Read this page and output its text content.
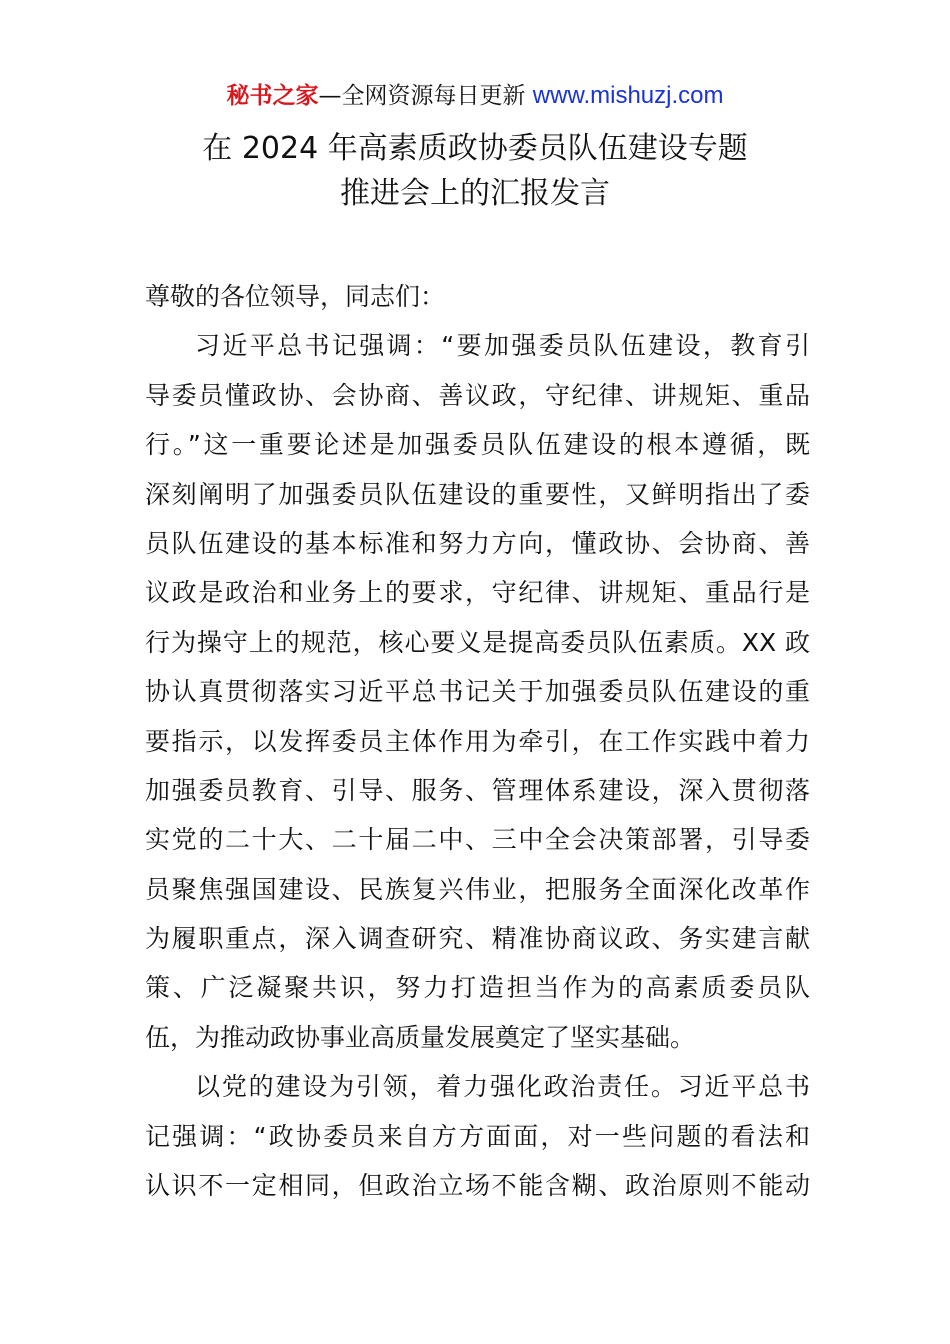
秘书之家—全网资源每日更新 www.mishuzj.com
在 2024 年高素质政协委员队伍建设专题
推进会上的汇报发言
尊敬的各位领导，同志们：
习近平总书记强调：“要加强委员队伍建设，教育引
导委员懂政协、会协商、善议政，守纪律、讲规矩、重品
行。”这一重要论述是加强委员队伍建设的根本遵循，既
深刻阐明了加强委员队伍建设的重要性，又鲜明指出了委
员队伍建设的基本标准和努力方向，懂政协、会协商、善
议政是政治和业务上的要求，守纪律、讲规矩、重品行是
行为操守上的规范，核心要义是提高委员队伍素质。XX 政
协认真贯彻落实习近平总书记关于加强委员队伍建设的重
要指示，以发挥委员主体作用为牵引，在工作实践中着力
加强委员教育、引导、服务、管理体系建设，深入贯彻落
实党的二十大、二十届二中、三中全会决策部署，引导委
员聚焦强国建设、民族复兴伟业，把服务全面深化改革作
为履职重点，深入调查研究、精准协商议政、务实建言献
策、广泛凝聚共识，努力打造担当作为的高素质委员队
伍，为推动政协事业高质量发展奠定了坚实基础。
以党的建设为引领，着力强化政治责任。习近平总书
记强调：“政协委员来自方方面面，对一些问题的看法和
认识不一定相同，但政治立场不能含糊、政治原则不能动
